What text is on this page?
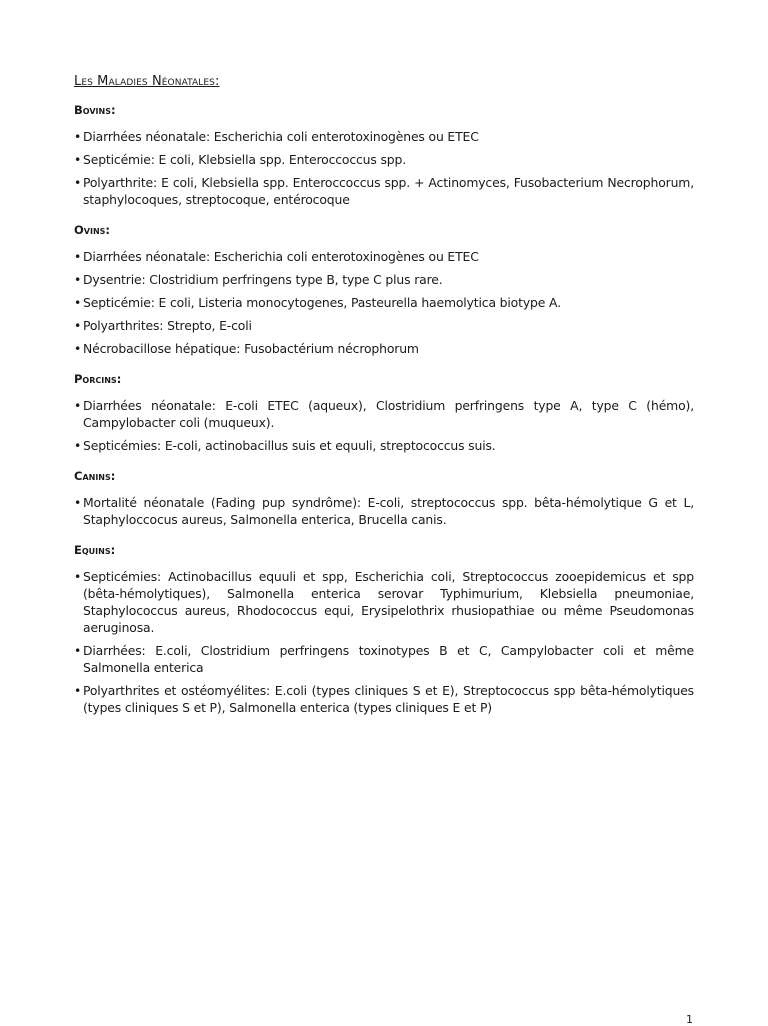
Les Maladies Néonatales:
Bovins:
• Diarrhées néonatale: Escherichia coli enterotoxinogènes ou ETEC
• Septicémie: E coli, Klebsiella spp. Enteroccoccus spp.
• Polyarthrite: E coli, Klebsiella spp. Enteroccoccus spp. + Actinomyces, Fusobacterium Necrophorum, staphylocoques, streptocoque, entérocoque
Ovins:
• Diarrhées néonatale: Escherichia coli enterotoxinogènes ou ETEC
• Dysentrie: Clostridium perfringens type B, type C plus rare.
• Septicémie: E coli, Listeria monocytogenes, Pasteurella haemolytica biotype A.
• Polyarthrites: Strepto, E-coli
• Nécrobacillose hépatique: Fusobactérium nécrophorum
Porcins:
• Diarrhées néonatale: E-coli ETEC (aqueux), Clostridium perfringens type A, type C (hémo), Campylobacter coli (muqueux).
• Septicémies: E-coli, actinobacillus suis et equuli, streptococcus suis.
Canins:
• Mortalité néonatale (Fading pup syndrôme): E-coli, streptococcus spp. bêta-hémolytique G et L, Staphyloccocus aureus, Salmonella enterica, Brucella canis.
Equins:
• Septicémies: Actinobacillus equuli et spp, Escherichia coli, Streptococcus zooepidemicus et spp (bêta-hémolytiques), Salmonella enterica serovar Typhimurium, Klebsiella pneumoniae, Staphylococcus aureus, Rhodococcus equi, Erysipelothrix rhusiopathiae ou même Pseudomonas aeruginosa.
• Diarrhées: E.coli, Clostridium perfringens toxinotypes B et C, Campylobacter coli et même Salmonella enterica
• Polyarthrites et ostéomyélites: E.coli (types cliniques S et E), Streptococcus spp bêta-hémolytiques (types cliniques S et P), Salmonella enterica (types cliniques E et P)
1
